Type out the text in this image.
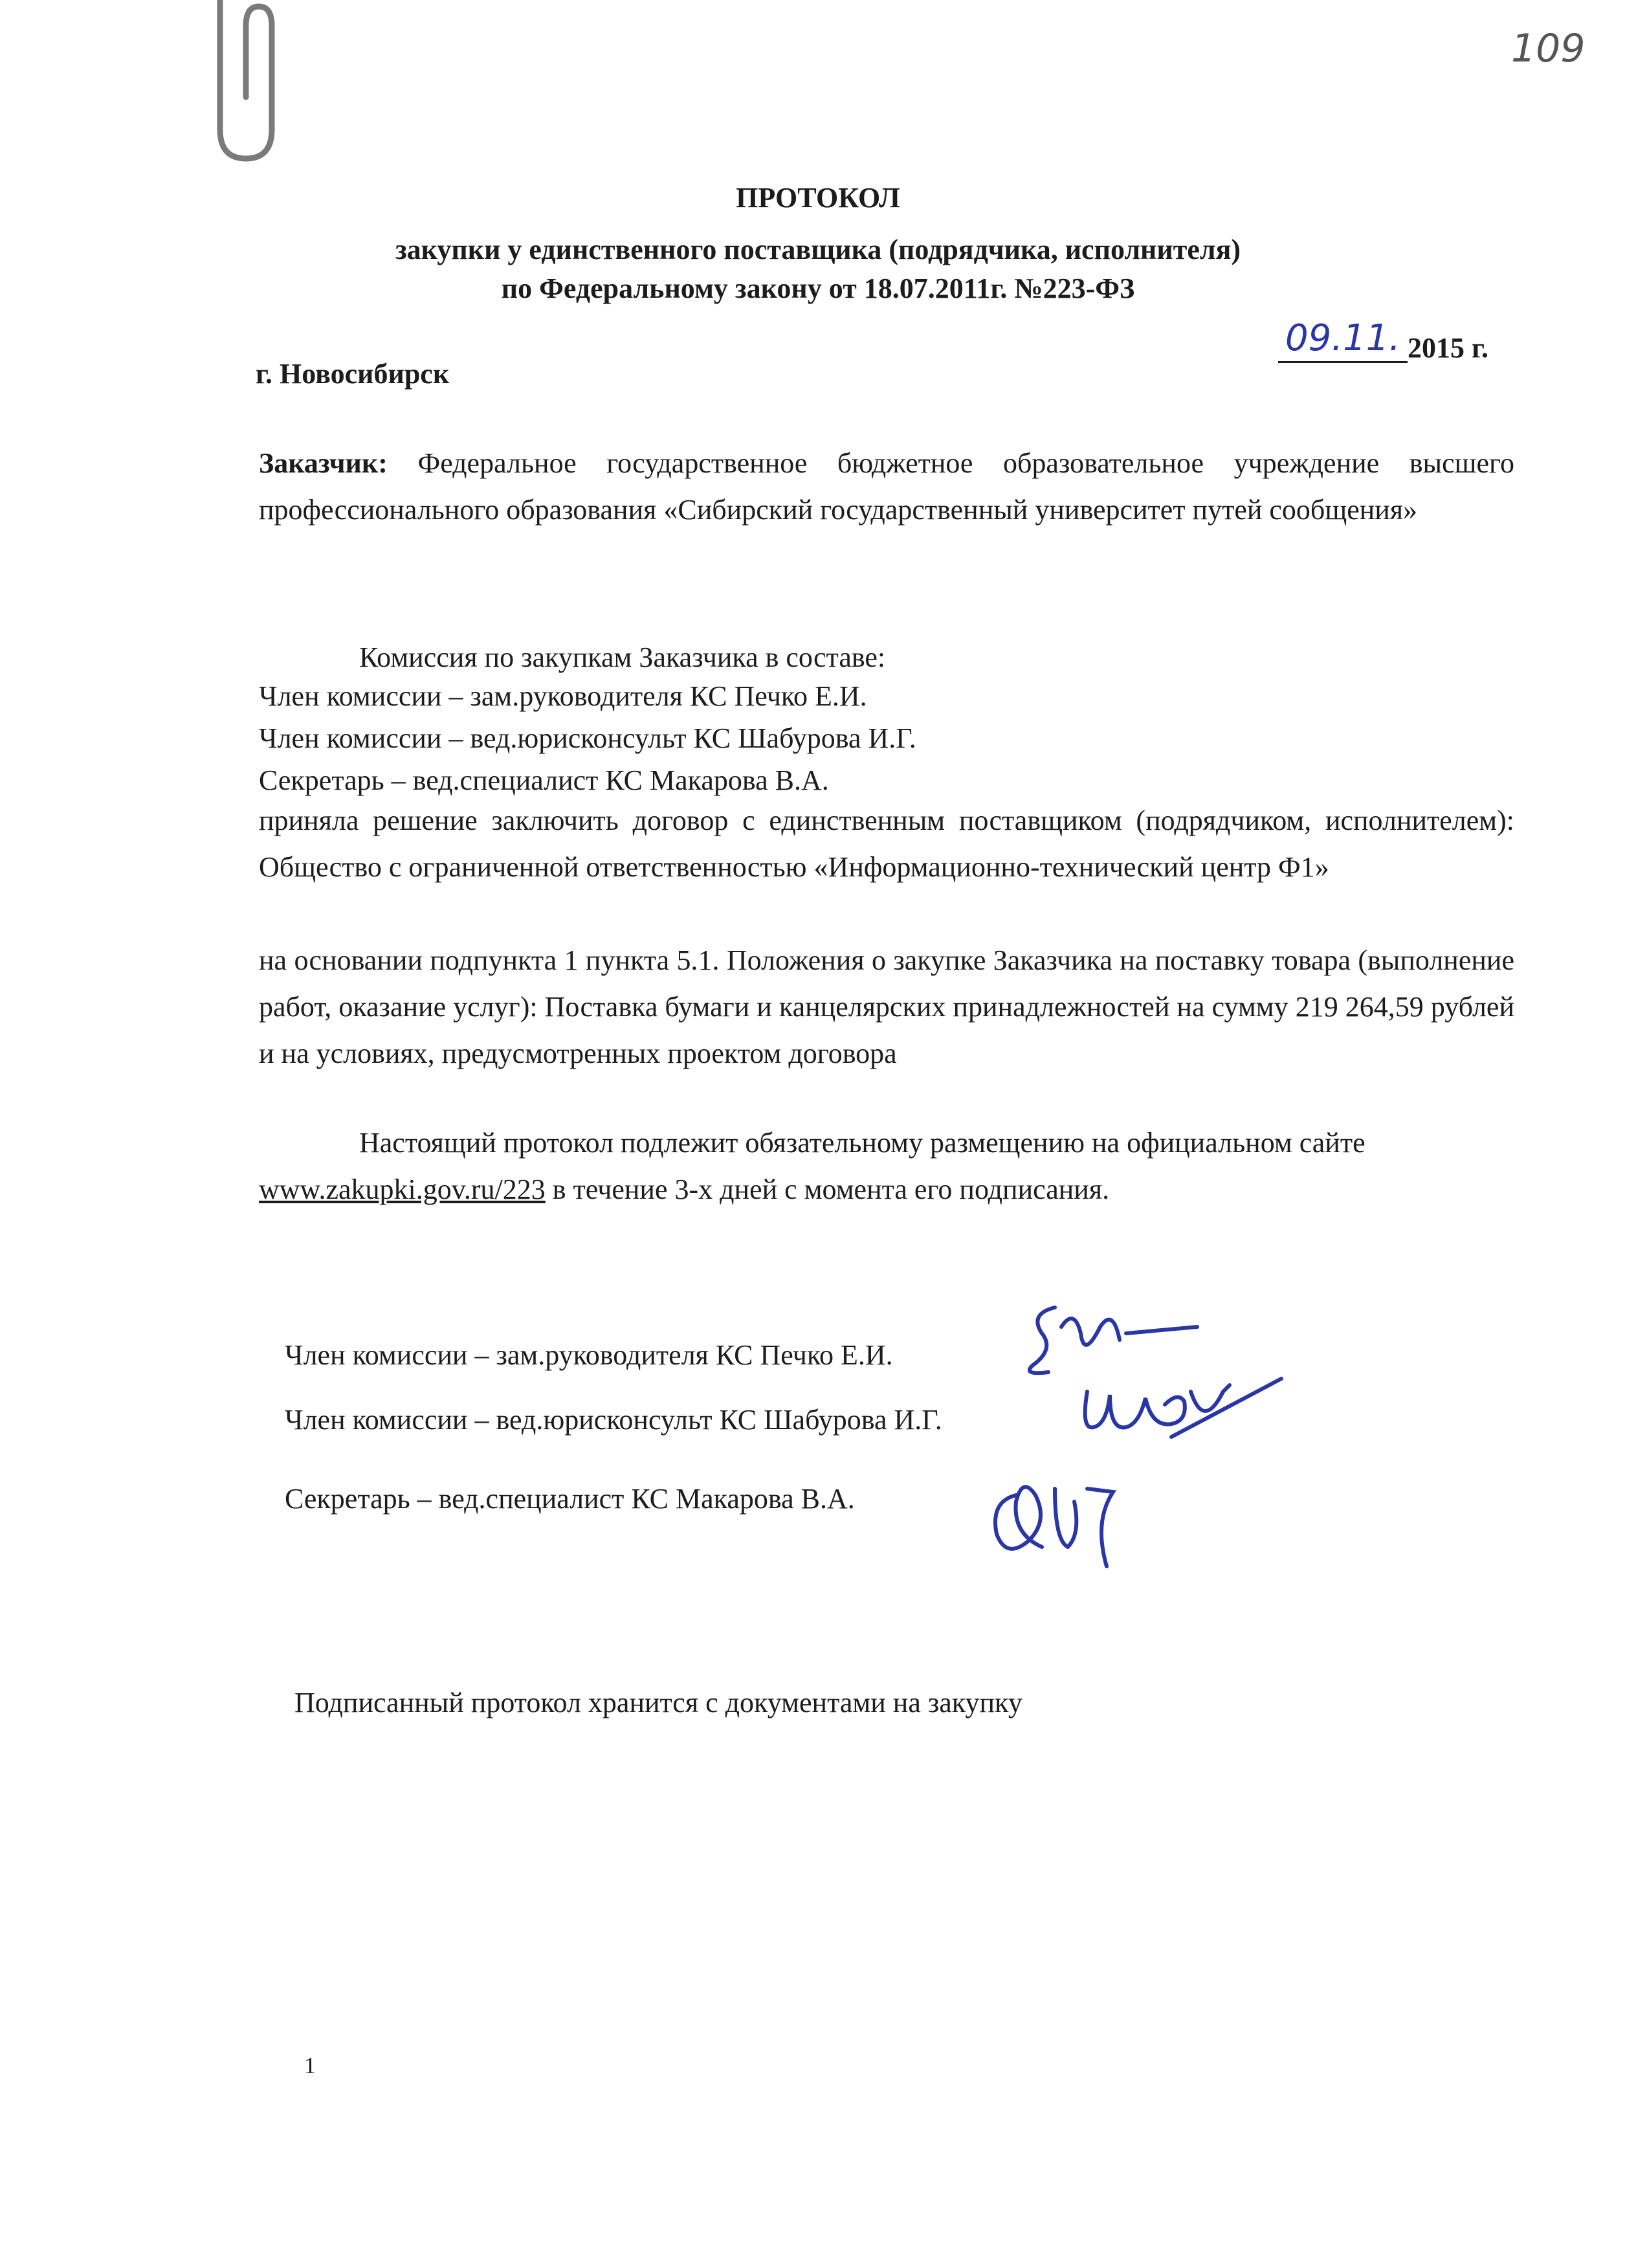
109
ПРОТОКОЛ
закупки у единственного поставщика (подрядчика, исполнителя)
по Федеральному закону от 18.07.2011г. №223-ФЗ
г. Новосибирск
09.11. 2015 г.
Заказчик: Федеральное государственное бюджетное образовательное учреждение высшего профессионального образования «Сибирский государственный университет путей сообщения»
Комиссия по закупкам Заказчика в составе:
Член комиссии – зам.руководителя КС Печко Е.И.
Член комиссии – вед.юрисконсульт КС Шабурова И.Г.
Секретарь – вед.специалист КС Макарова В.А.
приняла решение заключить договор с единственным поставщиком (подрядчиком, исполнителем): Общество с ограниченной ответственностью «Информационно-технический центр Ф1»
на основании подпункта 1 пункта 5.1. Положения о закупке Заказчика на поставку товара (выполнение работ, оказание услуг): Поставка бумаги и канцелярских принадлежностей на сумму 219 264,59 рублей и на условиях, предусмотренных проектом договора
Настоящий протокол подлежит обязательному размещению на официальном сайте www.zakupki.gov.ru/223 в течение 3-х дней с момента его подписания.
Член комиссии – зам.руководителя КС Печко Е.И.
Член комиссии – вед.юрисконсульт КС Шабурова И.Г.
Секретарь – вед.специалист КС Макарова В.А.
Подписанный протокол хранится с документами на закупку
1
